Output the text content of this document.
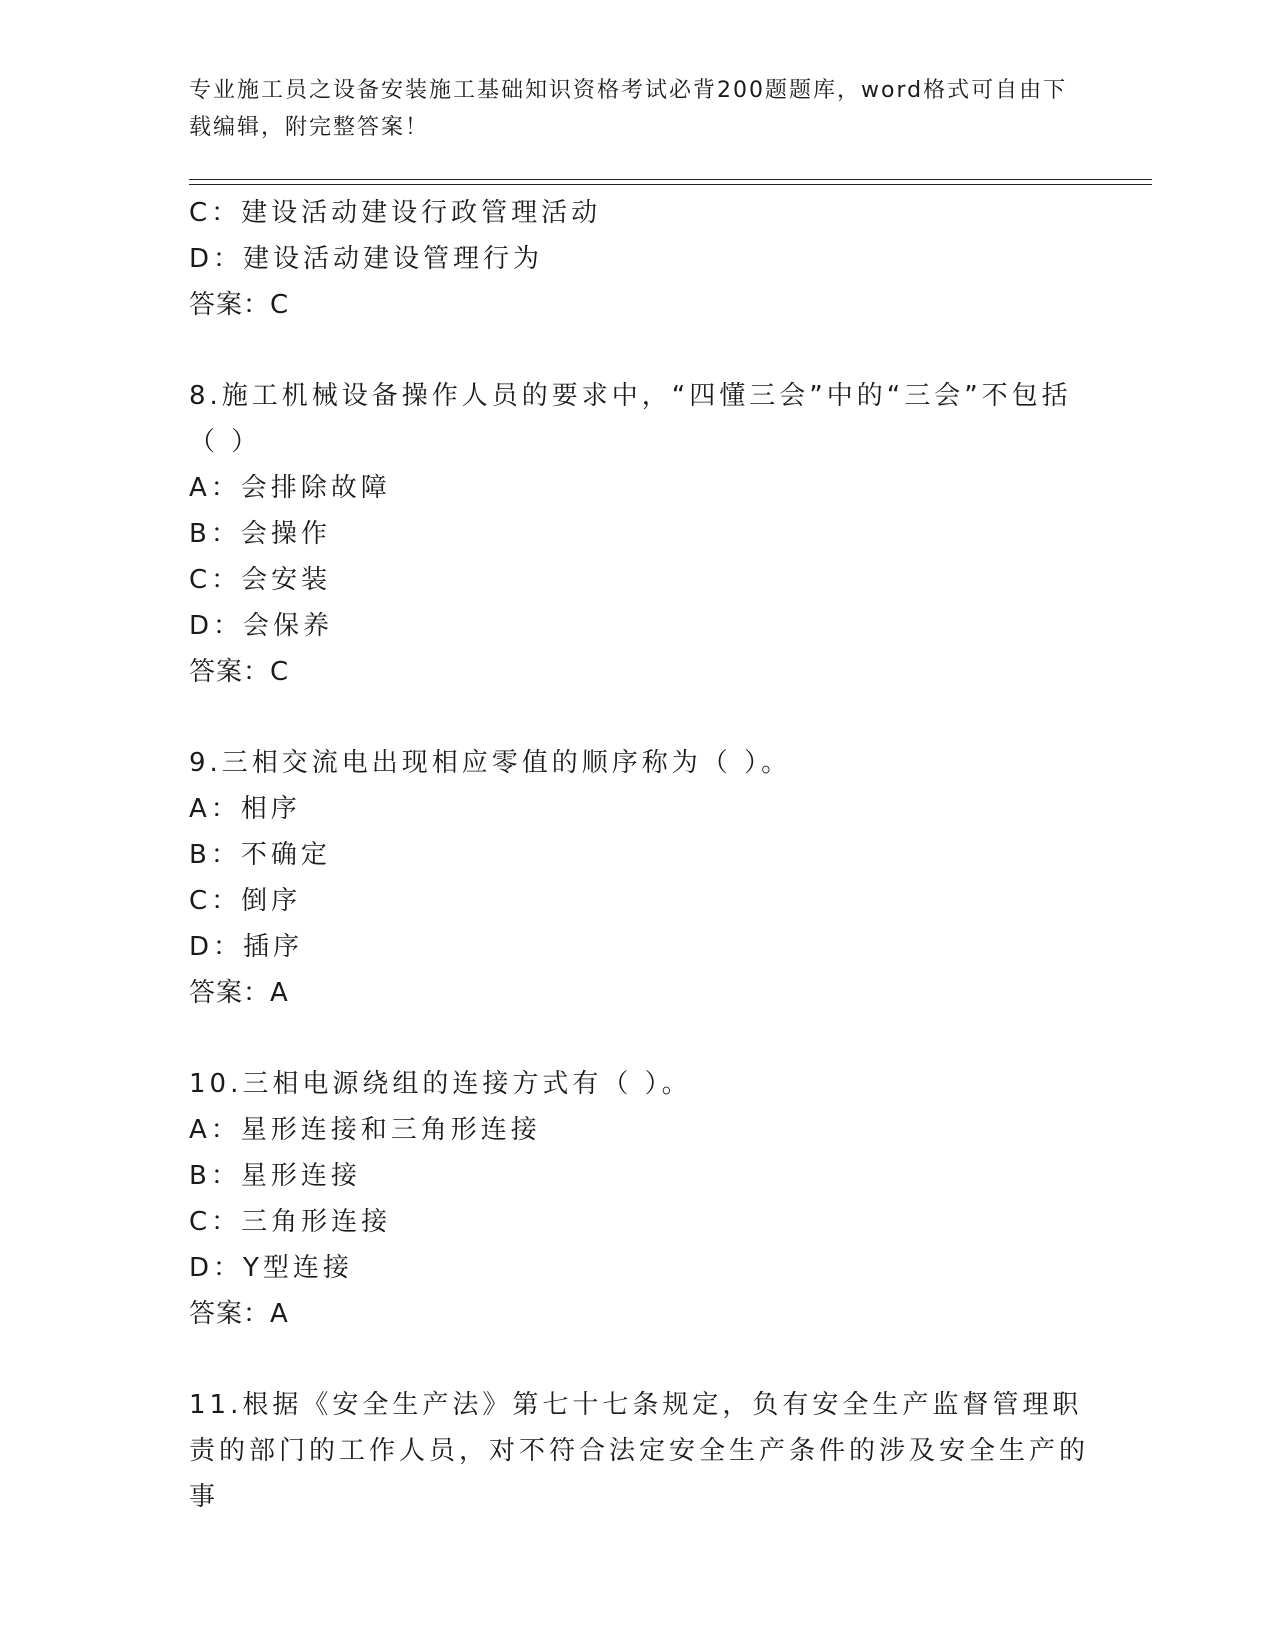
专业施工员之设备安装施工基础知识资格考试必背200题题库，word格式可自由下载编辑，附完整答案！
C：建设活动建设行政管理活动
D：建设活动建设管理行为
答案：C
8.施工机械设备操作人员的要求中，“四懂三会”中的“三会”不包括（ ）
A：会排除故障
B：会操作
C：会安装
D：会保养
答案：C
9.三相交流电出现相应零值的顺序称为（ ）。
A：相序
B：不确定
C：倒序
D：插序
答案：A
10.三相电源绕组的连接方式有（ ）。
A：星形连接和三角形连接
B：星形连接
C：三角形连接
D：Y型连接
答案：A
11.根据《安全生产法》第七十七条规定，负有安全生产监督管理职责的部门的工作人员，对不符合法定安全生产条件的涉及安全生产的事
